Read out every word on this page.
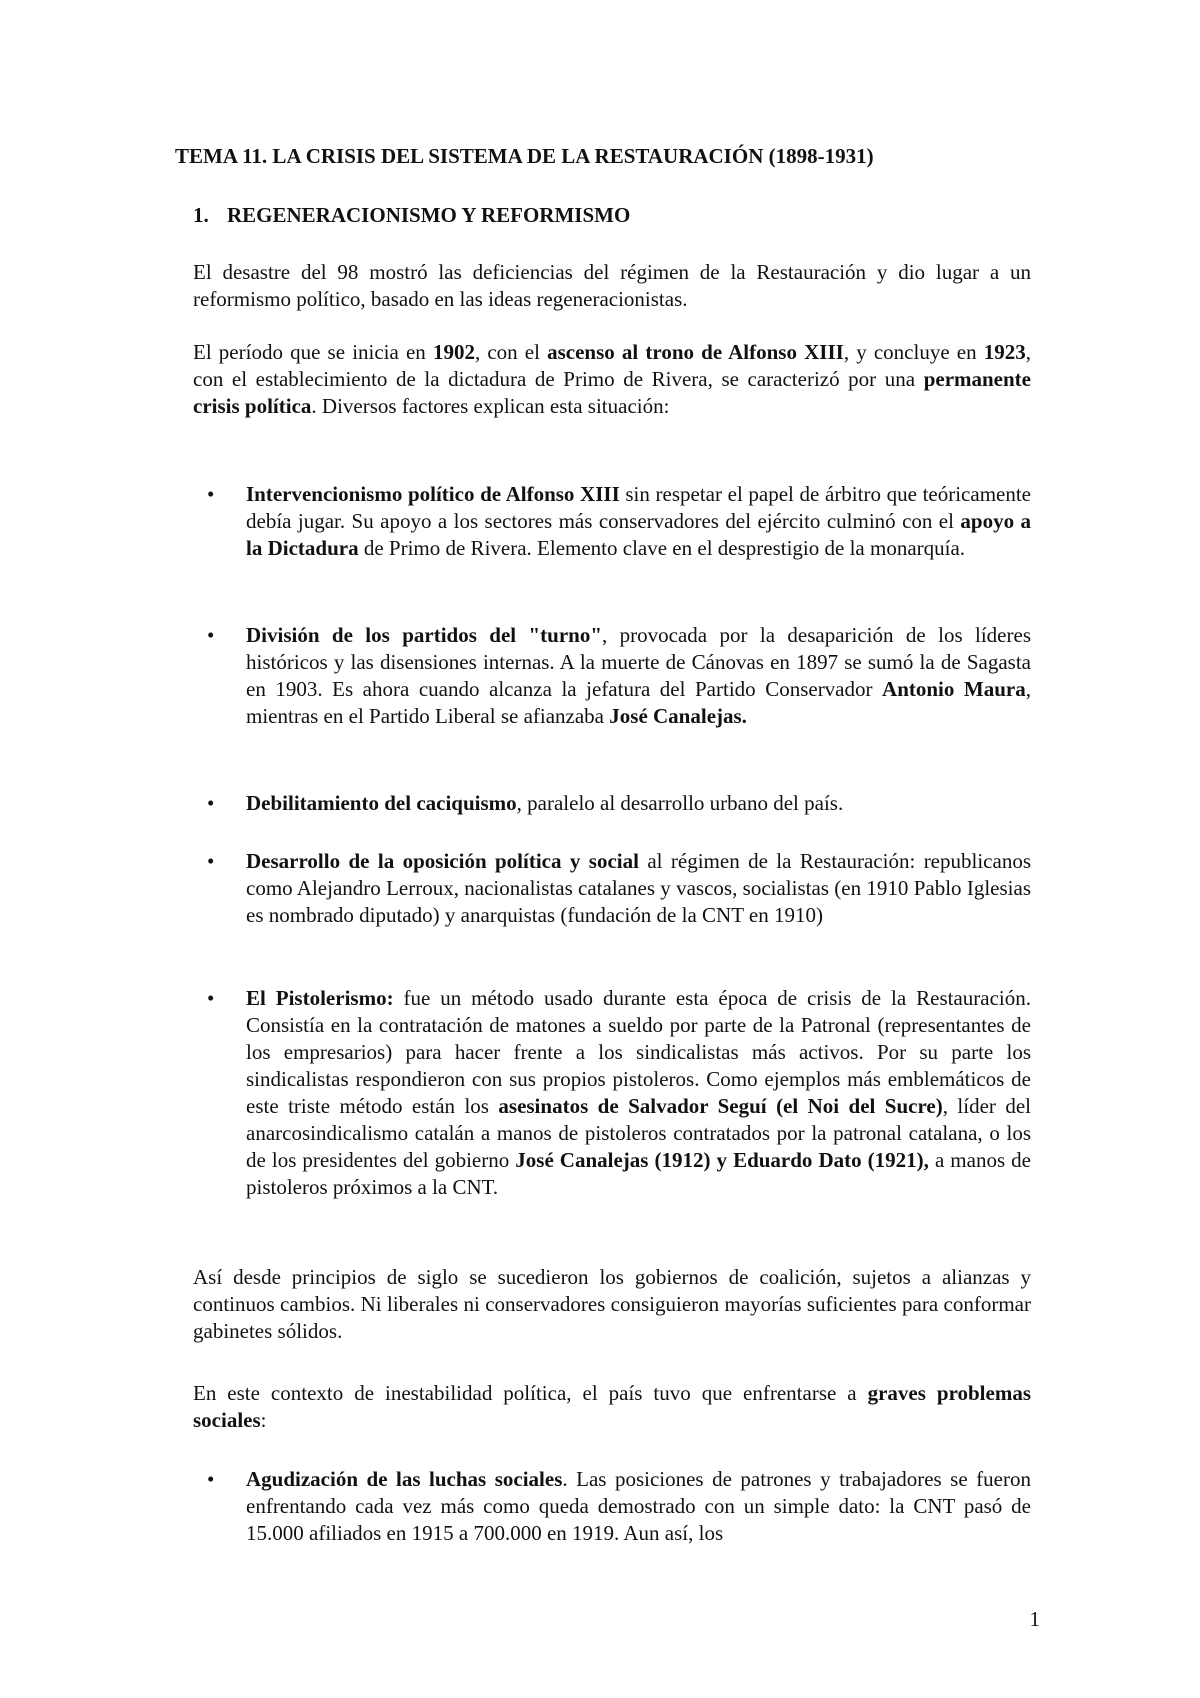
TEMA 11. LA CRISIS DEL SISTEMA DE LA RESTAURACIÓN (1898-1931)

1. REGENERACIONISMO Y REFORMISMO

El desastre del 98 mostró las deficiencias del régimen de la Restauración y dio lugar a un reformismo político, basado en las ideas regeneracionistas.

El período que se inicia en 1902, con el ascenso al trono de Alfonso XIII, y concluye en 1923, con el establecimiento de la dictadura de Primo de Rivera, se caracterizó por una permanente crisis política. Diversos factores explican esta situación:

• Intervencionismo político de Alfonso XIII sin respetar el papel de árbitro que teóricamente debía jugar. Su apoyo a los sectores más conservadores del ejército culminó con el apoyo a la Dictadura de Primo de Rivera. Elemento clave en el desprestigio de la monarquía.
• División de los partidos del "turno", provocada por la desaparición de los líderes históricos y las disensiones internas. A la muerte de Cánovas en 1897 se sumó la de Sagasta en 1903. Es ahora cuando alcanza la jefatura del Partido Conservador Antonio Maura, mientras en el Partido Liberal se afianzaba José Canalejas.
• Debilitamiento del caciquismo, paralelo al desarrollo urbano del país.
• Desarrollo de la oposición política y social al régimen de la Restauración: republicanos como Alejandro Lerroux, nacionalistas catalanes y vascos, socialistas (en 1910 Pablo Iglesias es nombrado diputado) y anarquistas (fundación de la CNT en 1910)
• El Pistolerismo: fue un método usado durante esta época de crisis de la Restauración. Consistía en la contratación de matones a sueldo por parte de la Patronal (representantes de los empresarios) para hacer frente a los sindicalistas más activos. Por su parte los sindicalistas respondieron con sus propios pistoleros. Como ejemplos más emblemáticos de este triste método están los asesinatos de Salvador Seguí (el Noi del Sucre), líder del anarcosindicalismo catalán a manos de pistoleros contratados por la patronal catalana, o los de los presidentes del gobierno José Canalejas (1912) y Eduardo Dato (1921), a manos de pistoleros próximos a la CNT.

Así desde principios de siglo se sucedieron los gobiernos de coalición, sujetos a alianzas y continuos cambios. Ni liberales ni conservadores consiguieron mayorías suficientes para conformar gabinetes sólidos.

En este contexto de inestabilidad política, el país tuvo que enfrentarse a graves problemas sociales:

• Agudización de las luchas sociales. Las posiciones de patrones y trabajadores se fueron enfrentando cada vez más como queda demostrado con un simple dato: la CNT pasó de 15.000 afiliados en 1915 a 700.000 en 1919. Aun así, los
1
